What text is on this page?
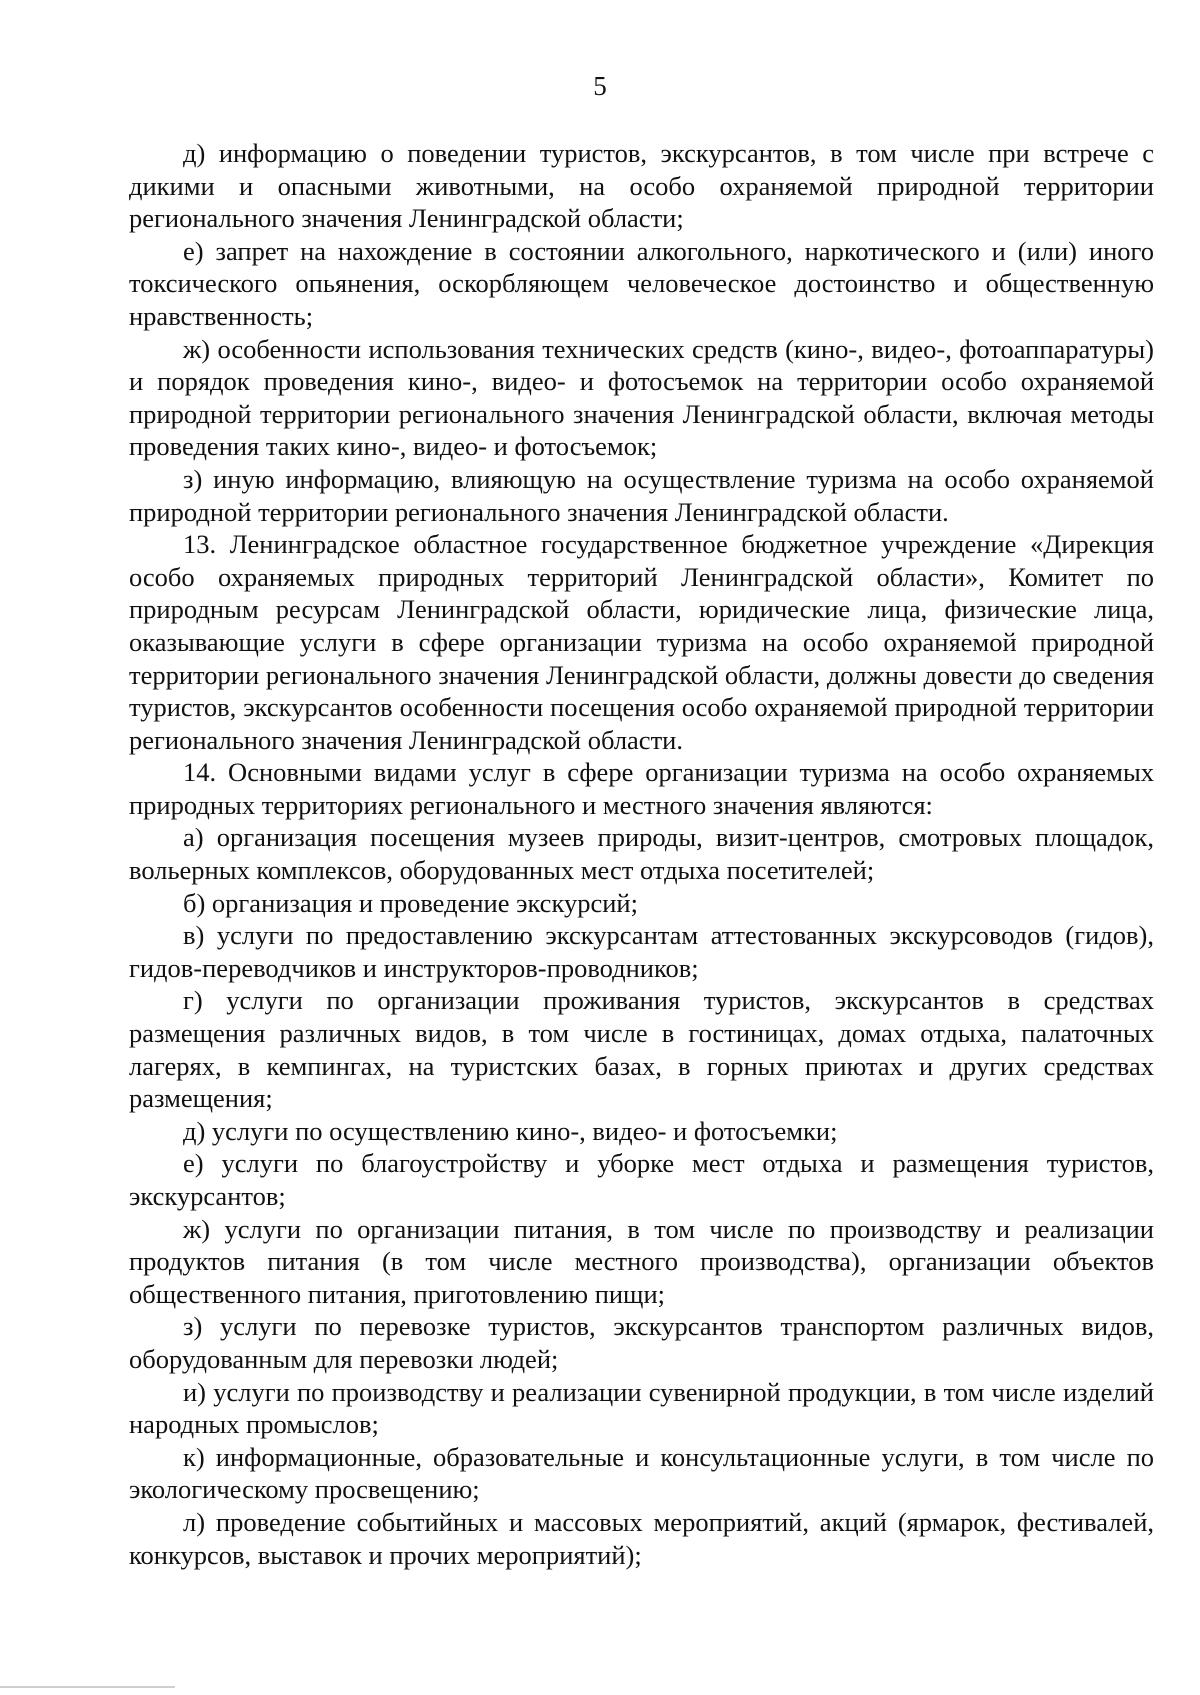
5

д) информацию о поведении туристов, экскурсантов, в том числе при встрече с дикими и опасными животными, на особо охраняемой природной территории регионального значения Ленинградской области;

е) запрет на нахождение в состоянии алкогольного, наркотического и (или) иного токсического опьянения, оскорбляющем человеческое достоинство и общественную нравственность;

ж) особенности использования технических средств (кино-, видео-, фотоаппаратуры) и порядок проведения кино-, видео- и фотосъемок на территории особо охраняемой природной территории регионального значения Ленинградской области, включая методы проведения таких кино-, видео- и фотосъемок;

з) иную информацию, влияющую на осуществление туризма на особо охраняемой природной территории регионального значения Ленинградской области.

13. Ленинградское областное государственное бюджетное учреждение «Дирекция особо охраняемых природных территорий Ленинградской области», Комитет по природным ресурсам Ленинградской области, юридические лица, физические лица, оказывающие услуги в сфере организации туризма на особо охраняемой природной территории регионального значения Ленинградской области, должны довести до сведения туристов, экскурсантов особенности посещения особо охраняемой природной территории регионального значения Ленинградской области.

14. Основными видами услуг в сфере организации туризма на особо охраняемых природных территориях регионального и местного значения являются:

а) организация посещения музеев природы, визит-центров, смотровых площадок, вольерных комплексов, оборудованных мест отдыха посетителей;

б) организация и проведение экскурсий;

в) услуги по предоставлению экскурсантам аттестованных экскурсоводов (гидов), гидов-переводчиков и инструкторов-проводников;

г) услуги по организации проживания туристов, экскурсантов в средствах размещения различных видов, в том числе в гостиницах, домах отдыха, палаточных лагерях, в кемпингах, на туристских базах, в горных приютах и других средствах размещения;

д) услуги по осуществлению кино-, видео- и фотосъемки;

е) услуги по благоустройству и уборке мест отдыха и размещения туристов, экскурсантов;

ж) услуги по организации питания, в том числе по производству и реализации продуктов питания (в том числе местного производства), организации объектов общественного питания, приготовлению пищи;

з) услуги по перевозке туристов, экскурсантов транспортом различных видов, оборудованным для перевозки людей;

и) услуги по производству и реализации сувенирной продукции, в том числе изделий народных промыслов;

к) информационные, образовательные и консультационные услуги, в том числе по экологическому просвещению;

л) проведение событийных и массовых мероприятий, акций (ярмарок, фестивалей, конкурсов, выставок и прочих мероприятий);
